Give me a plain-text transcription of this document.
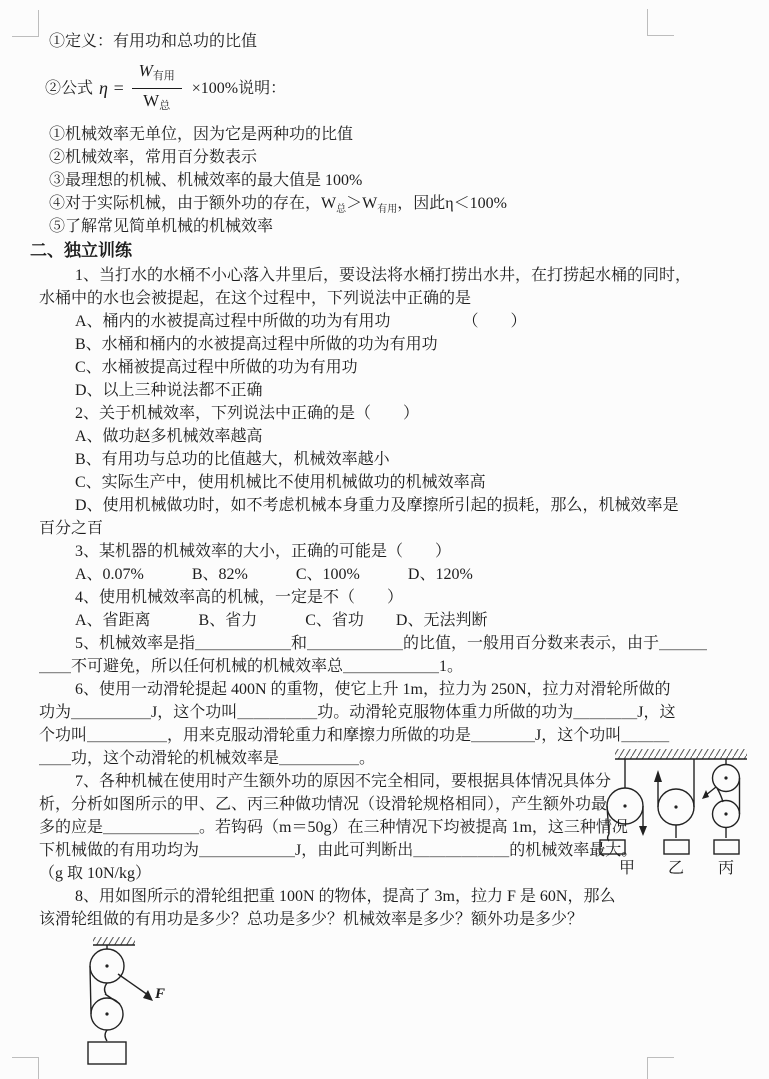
①定义：有用功和总功的比值
②公式 $\eta = \frac{\text{W有用}}{\text{W总}} \times 100\%$说明：
①机械效率无单位，因为它是两种功的比值
②机械效率，常用百分数表示
③最理想的机械、机械效率的最大值是 100%
④对于实际机械，由于额外功的存在，$W_总>W_{有用}$，因此η＜100%
⑤了解常见简单机械的机械效率
二、独立训练
1、当打水的水桶不小心落入井里后，要设法将水桶打捞出水井，在打捞起水桶的同时，
水桶中的水也会被提起，在这个过程中，下列说法中正确的是
A、桶内的水被提高过程中所做的功为有用功　　　　　（　　）
B、水桶和桶内的水被提高过程中所做的功为有用功
C、水桶被提高过程中所做的功为有用功
D、以上三种说法都不正确
2、关于机械效率，下列说法中正确的是（　　）
A、做功赵多机械效率越高
B、有用功与总功的比值越大，机械效率越小
C、实际生产中，使用机械比不使用机械做功的机械效率高
D、使用机械做功时，如不考虑机械本身重力及摩擦所引起的损耗，那么，机械效率是
百分之百
3、某机器的机械效率的大小，正确的可能是（　　）
A、0.07%　　　B、82%　　　C、100%　　　D、120%
4、使用机械效率高的机械，一定是不（　　）
A、省距离　　　B、省力　　　C、省功　　D、无法判断
5、机械效率是指＿＿＿＿＿＿和＿＿＿＿＿＿的比值，一般用百分数来表示，由于＿＿＿
＿＿不可避免，所以任何机械的机械效率总＿＿＿＿＿＿1。
6、使用一动滑轮提起 400N 的重物，使它上升 1m，拉力为 250N，拉力对滑轮所做的
功为＿＿＿＿＿J，这个功叫＿＿＿＿＿功。动滑轮克服物体重力所做的功为＿＿＿＿J，这
个功叫＿＿＿＿＿，用来克服动滑轮重力和摩擦力所做的功是＿＿＿＿J，这个功叫＿＿＿
＿＿功，这个动滑轮的机械效率是＿＿＿＿＿。
7、各种机械在使用时产生额外功的原因不完全相同，要根据具体情况具体分
析，分析如图所示的甲、乙、丙三种做功情况（设滑轮规格相同），产生额外功最
多的应是＿＿＿＿＿＿。若钩码（m＝50g）在三种情况下均被提高 1m，这三种情况
下机械做的有用功均为＿＿＿＿＿＿J，由此可判断出＿＿＿＿＿＿的机械效率最大。
（g 取 10N/kg）
8、用如图所示的滑轮组把重 100N 的物体，提高了 3m，拉力 F 是 60N，那么
该滑轮组做的有用功是多少？总功是多少？机械效率是多少？额外功是多少？
甲 乙 丙
F
